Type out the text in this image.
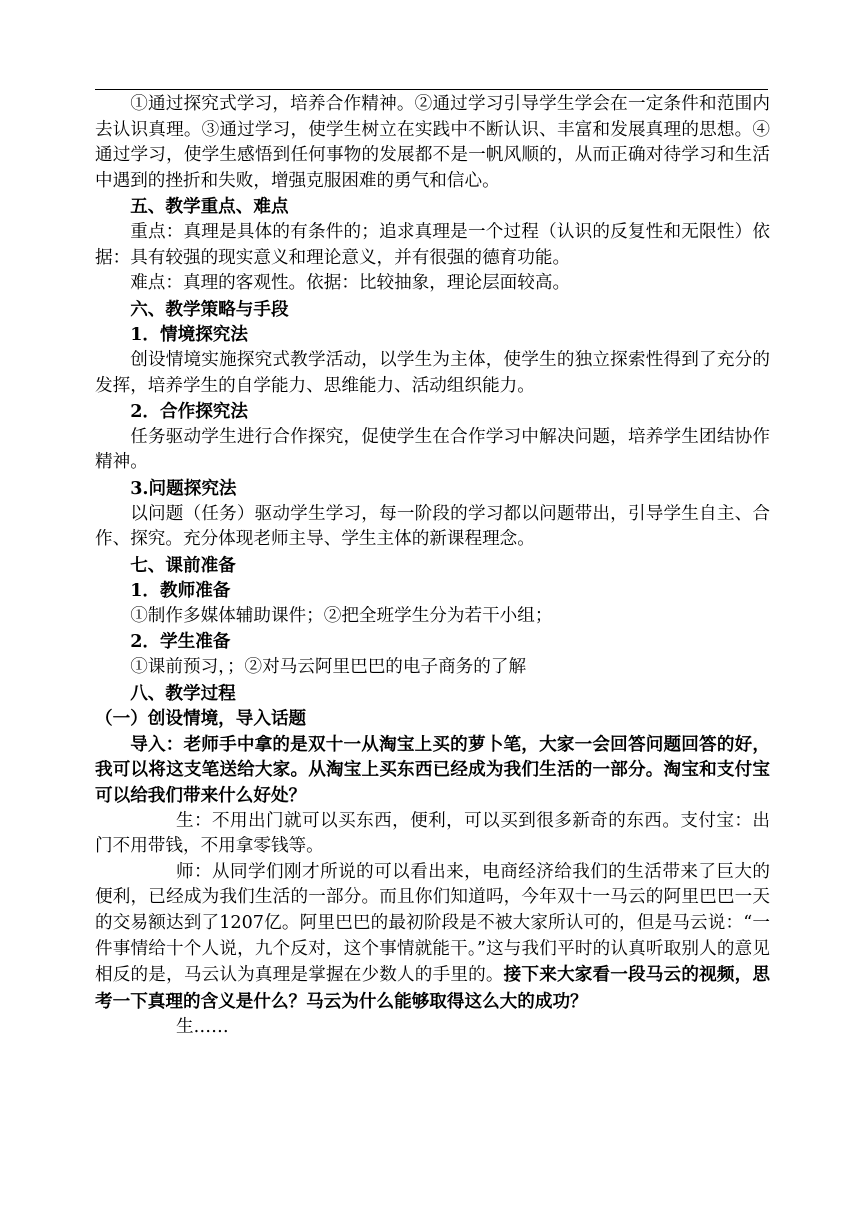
①通过探究式学习，培养合作精神。②通过学习引导学生学会在一定条件和范围内去认识真理。③通过学习，使学生树立在实践中不断认识、丰富和发展真理的思想。④通过学习，使学生感悟到任何事物的发展都不是一帆风顺的，从而正确对待学习和生活中遇到的挫折和失败，增强克服困难的勇气和信心。

五、教学重点、难点

重点：真理是具体的有条件的；追求真理是一个过程（认识的反复性和无限性）依据：具有较强的现实意义和理论意义，并有很强的德育功能。

难点：真理的客观性。依据：比较抽象，理论层面较高。

六、教学策略与手段

1．情境探究法

创设情境实施探究式教学活动，以学生为主体，使学生的独立探索性得到了充分的发挥，培养学生的自学能力、思维能力、活动组织能力。

2．合作探究法

任务驱动学生进行合作探究，促使学生在合作学习中解决问题，培养学生团结协作精神。

3.问题探究法

以问题（任务）驱动学生学习，每一阶段的学习都以问题带出，引导学生自主、合作、探究。充分体现老师主导、学生主体的新课程理念。

七、课前准备

1．教师准备

①制作多媒体辅助课件；②把全班学生分为若干小组；

2．学生准备

①课前预习，；②对马云阿里巴巴的电子商务的了解

八、教学过程

（一）创设情境，导入话题

导入：老师手中拿的是双十一从淘宝上买的萝卜笔，大家一会回答问题回答的好，我可以将这支笔送给大家。从淘宝上买东西已经成为我们生活的一部分。淘宝和支付宝可以给我们带来什么好处？

生：不用出门就可以买东西，便利，可以买到很多新奇的东西。支付宝：出门不用带钱，不用拿零钱等。

师：从同学们刚才所说的可以看出来，电商经济给我们的生活带来了巨大的便利，已经成为我们生活的一部分。而且你们知道吗，今年双十一马云的阿里巴巴一天的交易额达到了1207亿。阿里巴巴的最初阶段是不被大家所认可的，但是马云说：“一件事情给十个人说，九个反对，这个事情就能干。”这与我们平时的认真听取别人的意见相反的是，马云认为真理是掌握在少数人的手里的。接下来大家看一段马云的视频，思考一下真理的含义是什么？马云为什么能够取得这么大的成功？

生……
